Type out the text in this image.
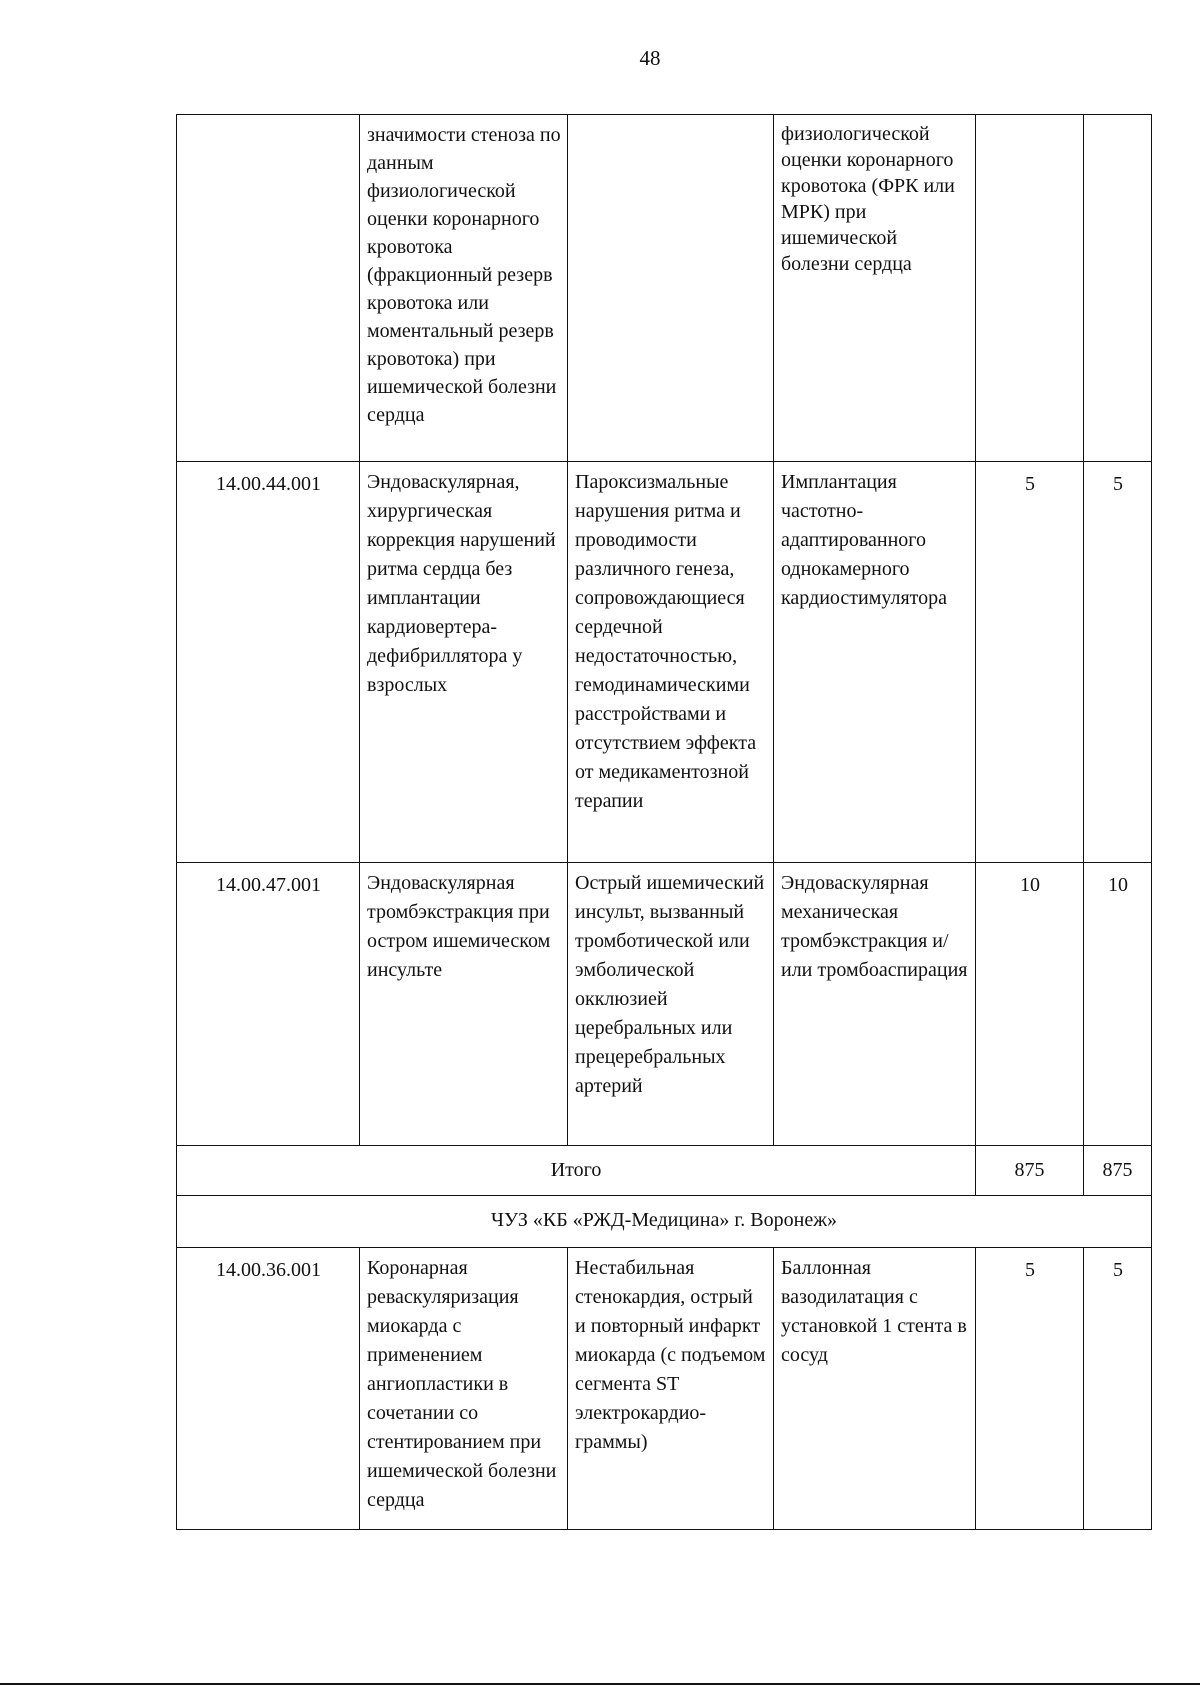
48
	значимости стеноза по данным физиологической оценки коронарного кровотока (фракционный резерв кровотока или моментальный резерв кровотока) при ишемической болезни сердца		физиологической оценки коронарного кровотока (ФРК или МРК) при ишемической болезни сердца		
14.00.44.001	Эндоваскулярная, хирургическая коррекция нарушений ритма сердца без имплантации кардиовертера-дефибриллятора у взрослых	Пароксизмальные нарушения ритма и проводимости различного генеза, сопровождающиеся сердечной недостаточностью, гемодинамическими расстройствами и отсутствием эффекта от медикаментозной терапии	Имплантация частотно-адаптированного однокамерного кардиостимулятора	5	5
14.00.47.001	Эндоваскулярная тромбэкстракция при остром ишемическом инсульте	Острый ишемический инсульт, вызванный тромботической или эмболической окклюзией церебральных или прецеребральных артерий	Эндоваскулярная механическая тромбэкстракция и/или тромбоаспирация	10	10
Итого				875	875
ЧУЗ «КБ «РЖД-Медицина» г. Воронеж»					
14.00.36.001	Коронарная реваскуляризация миокарда с применением ангиопластики в сочетании со стентированием при ишемической болезни сердца	Нестабильная стенокардия, острый и повторный инфаркт миокарда (с подъемом сегмента ST электрокардио-граммы)	Баллонная вазодилатация с установкой 1 стента в сосуд	5	5
